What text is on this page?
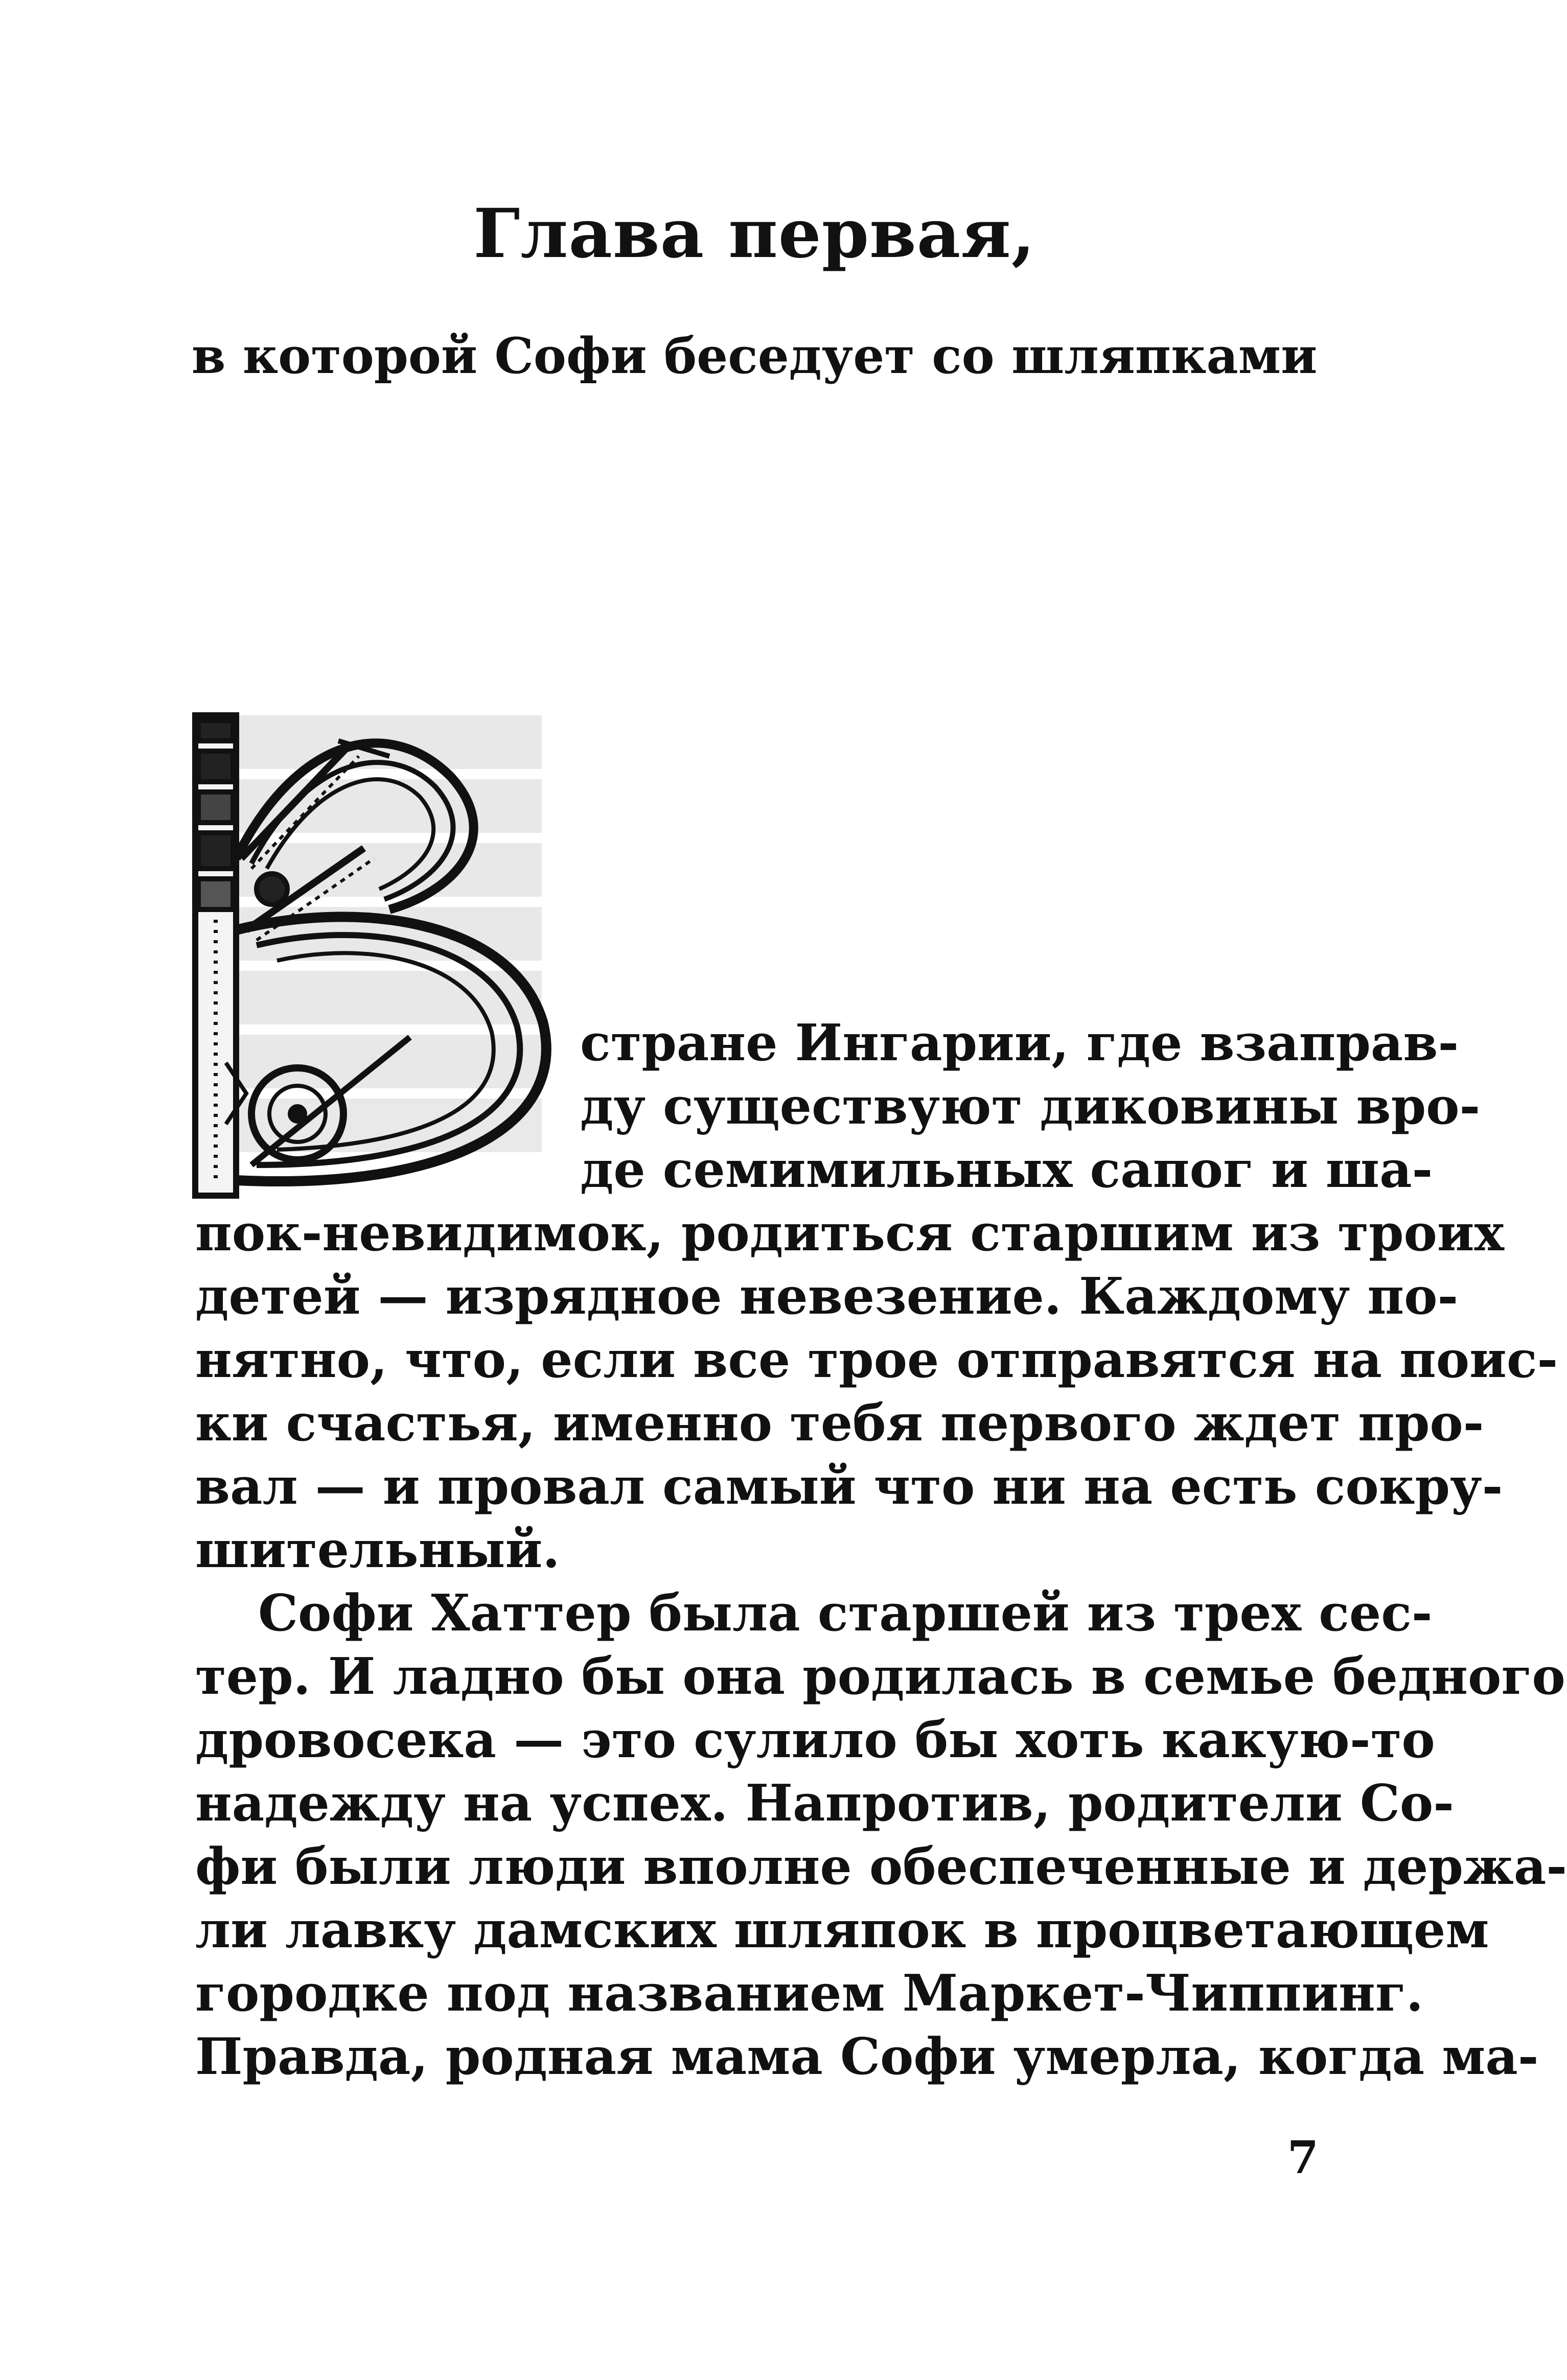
Глава первая,
в которой Софи беседует со шляпками

стране Ингарии, где взаправ-

ду существуют диковины вро-

де семимильных сапог и ша-

пок-невидимок, родиться старшим из троих

детей — изрядное невезение. Каждому по-

нятно, что, если все трое отправятся на поис-

ки счастья, именно тебя первого ждет про-

вал — и провал самый что ни на есть сокру-

шительный.

Софи Хаттер была старшей из трех сес-

тер. И ладно бы она родилась в семье бедного

дровосека — это сулило бы хоть какую-то

надежду на успех. Напротив, родители Со-

фи были люди вполне обеспеченные и держа-

ли лавку дамских шляпок в процветающем

городке под названием Маркет-Чиппинг.

Правда, родная мама Софи умерла, когда ма-

7
